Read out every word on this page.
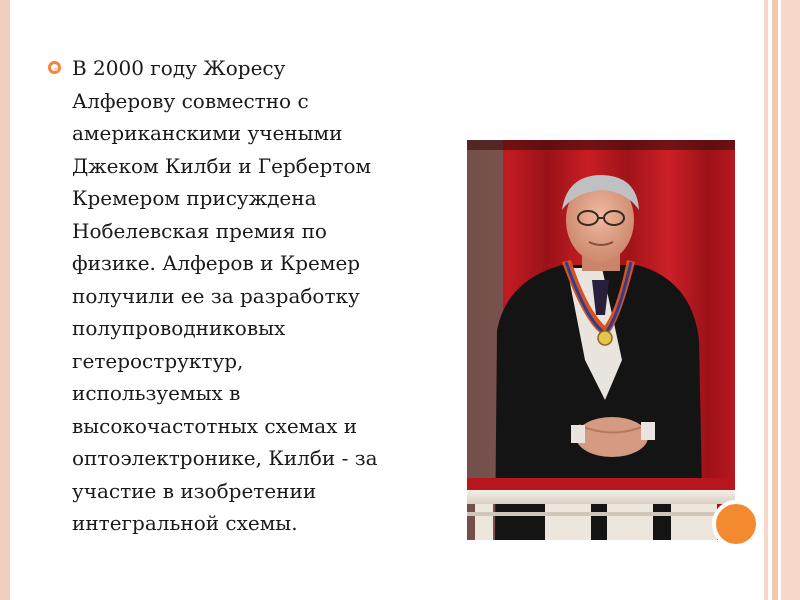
В 2000 году Жоресу
Алферову совместно с
американскими учеными
Джеком Килби и Гербертом
Кремером присуждена
Нобелевская премия по
физике. Алферов и Кремер
получили ее за разработку
полупроводниковых
гетероструктур,
используемых в
высокочастотных схемах и
оптоэлектронике, Килби - за
участие в изобретении
интегральной схемы.
